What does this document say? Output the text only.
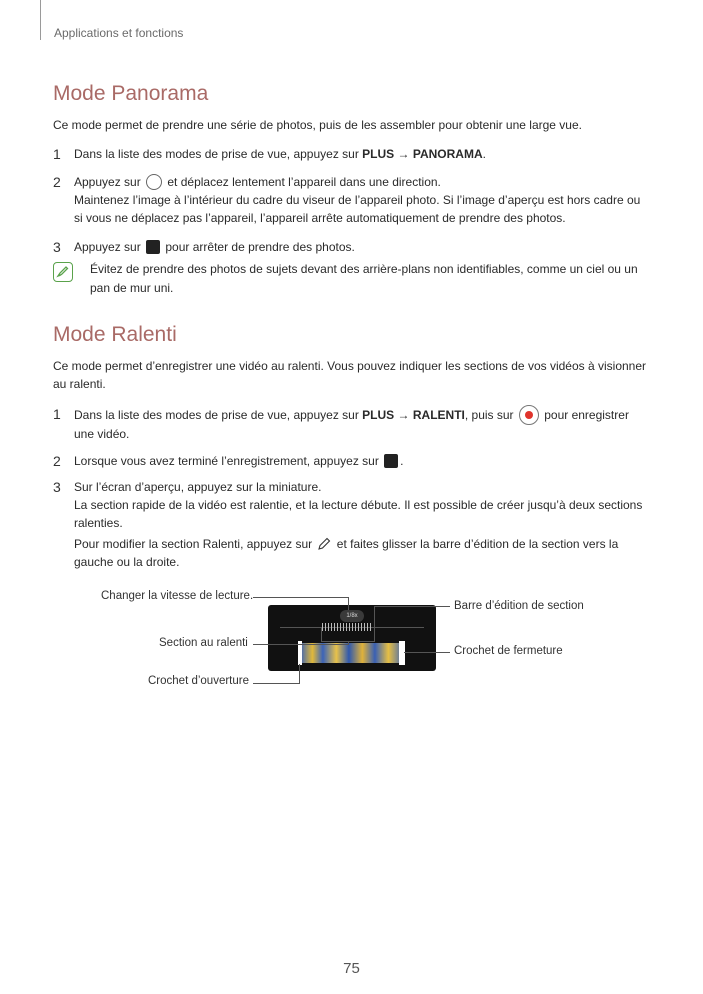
Applications et fonctions
Mode Panorama
Ce mode permet de prendre une série de photos, puis de les assembler pour obtenir une large vue.
1 Dans la liste des modes de prise de vue, appuyez sur PLUS → PANORAMA.

2 Appuyez sur  et déplacez lentement l’appareil dans une direction.

Maintenez l’image à l’intérieur du cadre du viseur de l’appareil photo. Si l’image d’aperçu est hors cadre ou si vous ne déplacez pas l’appareil, l’appareil arrête automatiquement de prendre des photos.

3 Appuyez sur  pour arrêter de prendre des photos.

Évitez de prendre des photos de sujets devant des arrière-plans non identifiables, comme un ciel ou un pan de mur uni.
Mode Ralenti
Ce mode permet d’enregistrer une vidéo au ralenti. Vous pouvez indiquer les sections de vos vidéos à visionner au ralenti.
1 Dans la liste des modes de prise de vue, appuyez sur PLUS → RALENTI, puis sur  pour enregistrer une vidéo.

2 Lorsque vous avez terminé l’enregistrement, appuyez sur .

3 Sur l’écran d’aperçu, appuyez sur la miniature.

La section rapide de la vidéo est ralentie, et la lecture débute. Il est possible de créer jusqu’à deux sections ralenties.

Pour modifier la section Ralenti, appuyez sur  et faites glisser la barre d’édition de la section vers la gauche ou la droite.

1/8x
Changer la vitesse de lecture.
Barre d’édition de section
Section au ralenti
Crochet de fermeture
Crochet d’ouverture
75
